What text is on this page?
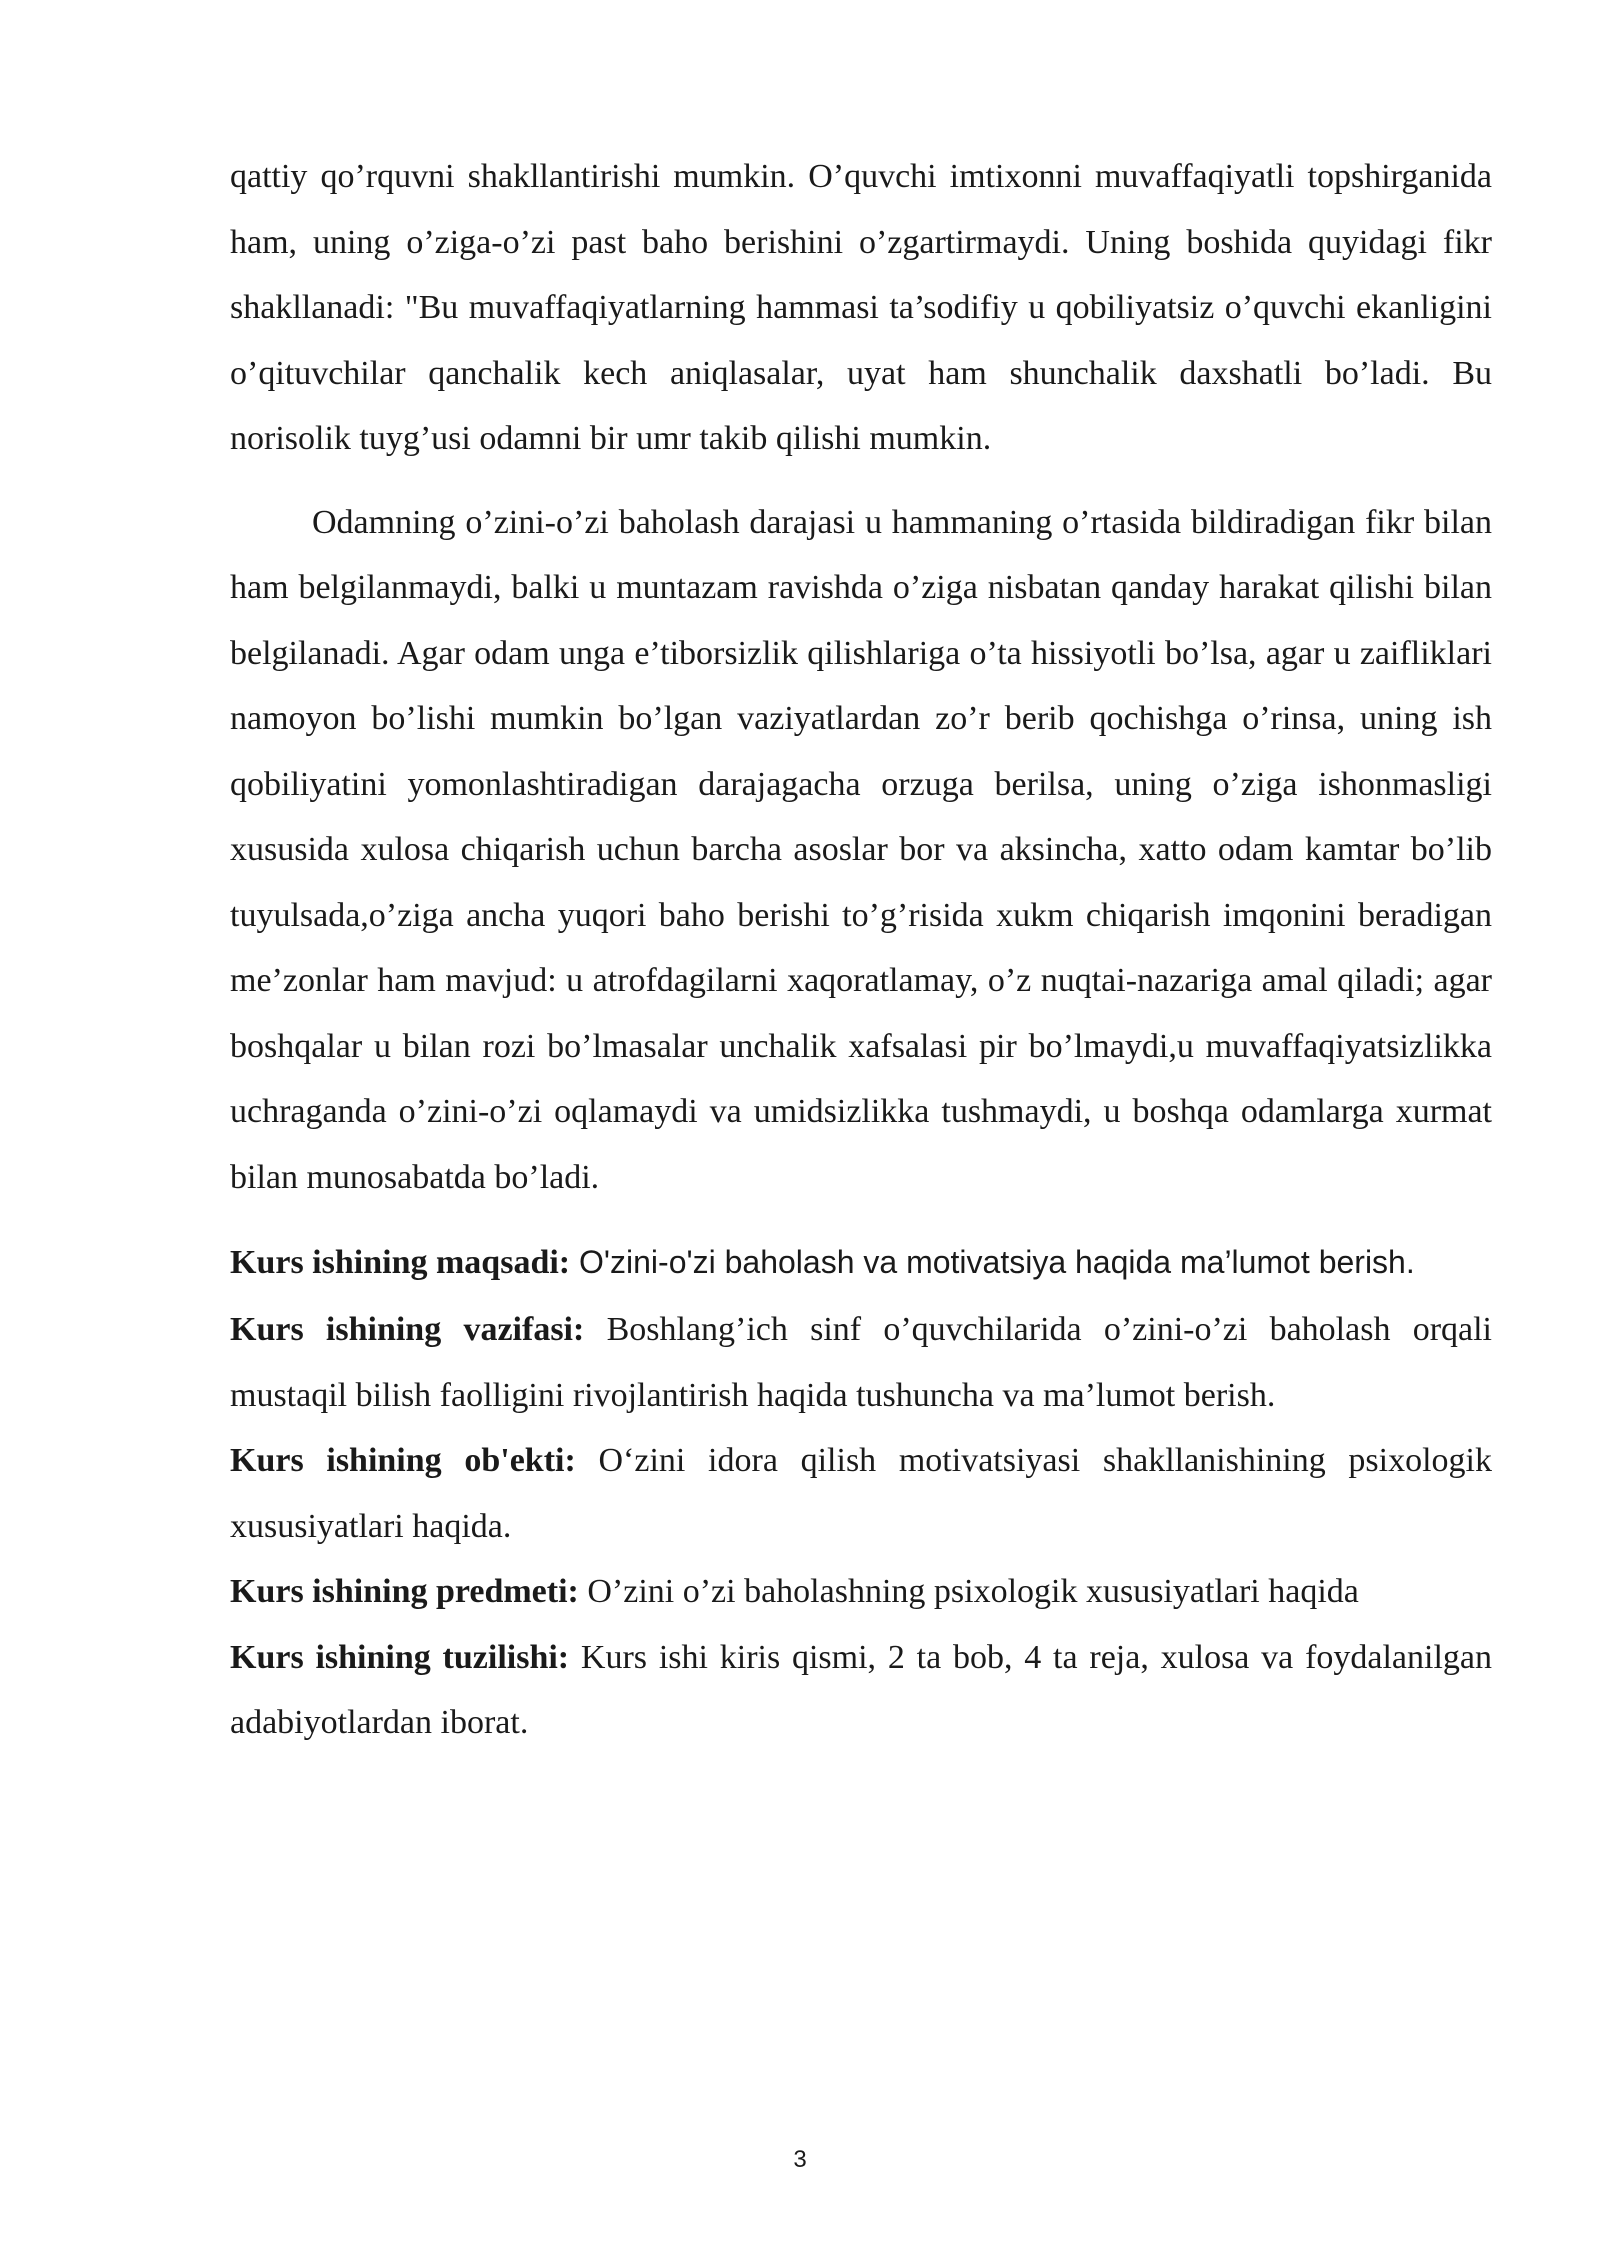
qattiy qo’rquvni shakllantirishi mumkin. O’quvchi imtixonni muvaffaqiyatli topshirganida ham, uning o’ziga-o’zi past baho berishini o’zgartirmaydi. Uning boshida quyidagi fikr shakllanadi: "Bu muvaffaqiyatlarning hammasi ta’sodifiy u qobiliyatsiz o’quvchi ekanligini o’qituvchilar qanchalik kech aniqlasalar, uyat ham shunchalik daxshatli bo’ladi. Bu norisolik tuyg’usi odamni bir umr takib qilishi mumkin.

Odamning o’zini-o’zi baholash darajasi u hammaning o’rtasida bildiradigan fikr bilan ham belgilanmaydi, balki u muntazam ravishda o’ziga nisbatan qanday harakat qilishi bilan belgilanadi. Agar odam unga e’tiborsizlik qilishlariga o’ta hissiyotli bo’lsa, agar u zaifliklari namoyon bo’lishi mumkin bo’lgan vaziyatlardan zo’r berib qochishga o’rinsa, uning ish qobiliyatini yomonlashtiradigan darajagacha orzuga berilsa, uning o’ziga ishonmasligi xususida xulosa chiqarish uchun barcha asoslar bor va aksincha, xatto odam kamtar bo’lib tuyulsada,o’ziga ancha yuqori baho berishi to’g’risida xukm chiqarish imqonini beradigan me’zonlar ham mavjud: u atrofdagilarni xaqoratlamay, o’z nuqtai-nazariga amal qiladi; agar boshqalar u bilan rozi bo’lmasalar unchalik xafsalasi pir bo’lmaydi,u muvaffaqiyatsizlikka uchraganda o’zini-o’zi oqlamaydi va umidsizlikka tushmaydi, u boshqa odamlarga xurmat bilan munosabatda bo’ladi.

Kurs ishining maqsadi: O'zini-o'zi baholash va motivatsiya haqida ma’lumot berish.

Kurs ishining vazifasi: Boshlang’ich sinf o’quvchilarida o’zini-o’zi baholash orqali mustaqil bilish faolligini rivojlantirish haqida tushuncha va ma’lumot berish.

Kurs ishining ob'ekti: O‘zini idora qilish motivatsiyasi shakllanishining psixologik xususiyatlari haqida.

Kurs ishining predmeti: O’zini o’zi baholashning psixologik xususiyatlari haqida

Kurs ishining tuzilishi: Kurs ishi kiris qismi, 2 ta bob, 4 ta reja, xulosa va foydalanilgan adabiyotlardan iborat.

3
